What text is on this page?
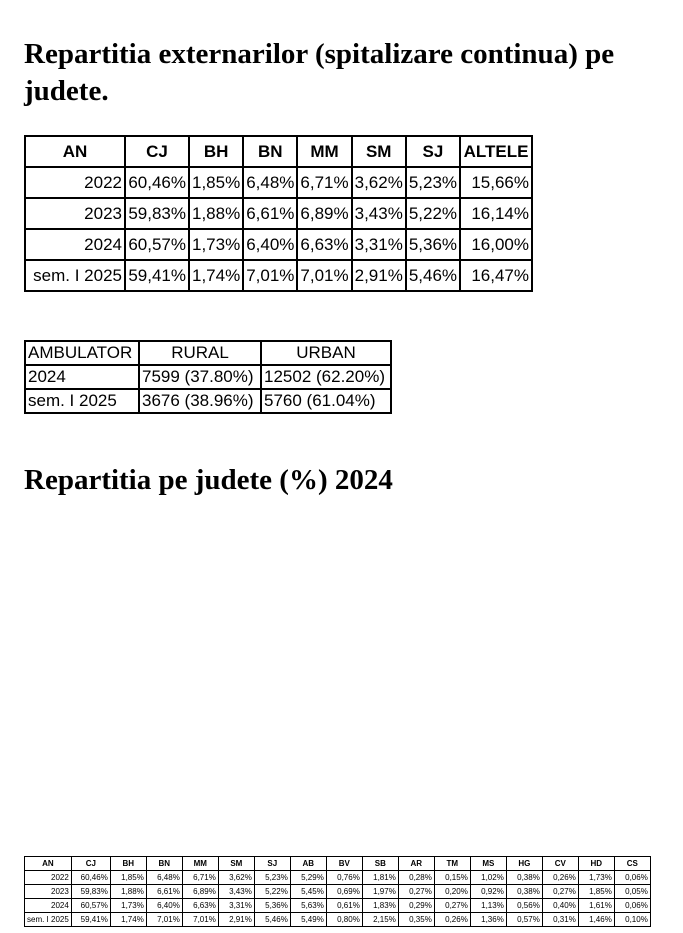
Repartitia externarilor (spitalizare continua) pe judete.
AN	CJ	BH	BN	MM	SM	SJ	ALTELE
2022	60,46%	1,85%	6,48%	6,71%	3,62%	5,23%	15,66%
2023	59,83%	1,88%	6,61%	6,89%	3,43%	5,22%	16,14%
2024	60,57%	1,73%	6,40%	6,63%	3,31%	5,36%	16,00%
sem. I 2025	59,41%	1,74%	7,01%	7,01%	2,91%	5,46%	16,47%
AMBULATOR	RURAL	URBAN
2024	7599 (37.80%)	12502 (62.20%)
sem. I 2025	3676 (38.96%)	5760 (61.04%)
Repartitia pe judete (%) 2024
AN	CJ	BH	BN	MM	SM	SJ	AB	BV	SB	AR	TM	MS	HG	CV	HD	CS
2022	60,46%	1,85%	6,48%	6,71%	3,62%	5,23%	5,29%	0,76%	1,81%	0,28%	0,15%	1,02%	0,38%	0,26%	1,73%	0,06%
2023	59,83%	1,88%	6,61%	6,89%	3,43%	5,22%	5,45%	0,69%	1,97%	0,27%	0,20%	0,92%	0,38%	0,27%	1,85%	0,05%
2024	60,57%	1,73%	6,40%	6,63%	3,31%	5,36%	5,63%	0,61%	1,83%	0,29%	0,27%	1,13%	0,56%	0,40%	1,61%	0,06%
sem. I 2025	59,41%	1,74%	7,01%	7,01%	2,91%	5,46%	5,49%	0,80%	2,15%	0,35%	0,26%	1,36%	0,57%	0,31%	1,46%	0,10%
